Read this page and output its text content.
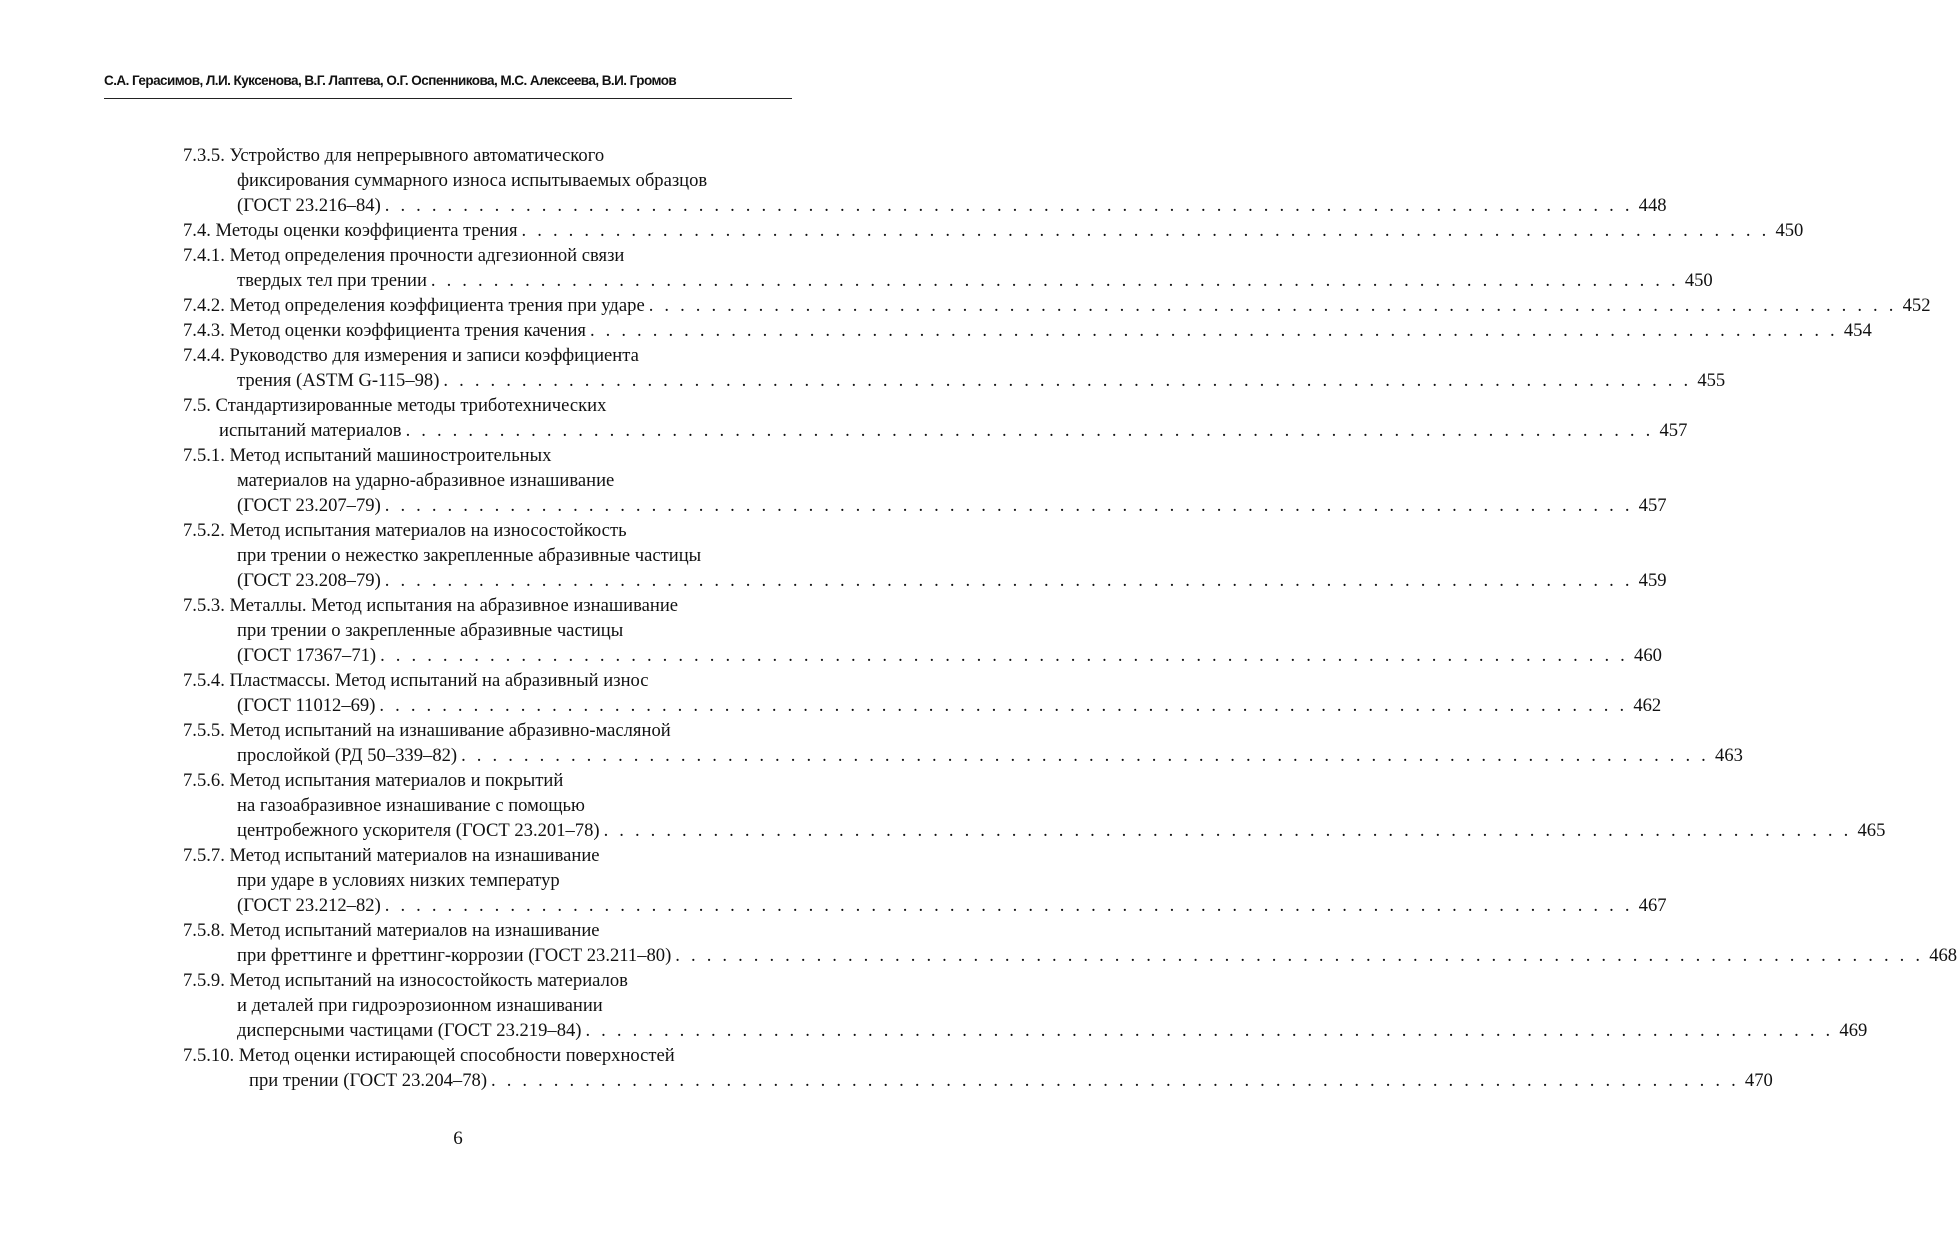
С.А. Герасимов, Л.И. Куксенова, В.Г. Лаптева, О.Г. Оспенникова, М.С. Алексеева, В.И. Громов
7.3.5. Устройство для непрерывного автоматического
фиксирования суммарного износа испытываемых образцов
(ГОСТ 23.216–84) . . . . . . . . . . . . . . . . . . . . . . . . . . . . . . . . . . . . . . . . . . . . . . . . . . . . . . . . . . . . . . . . . . . . . . . . . . . . . . . . 448
7.4. Методы оценки коэффициента трения . . . . . . . . . . . . . . . . . . . . . . . . . . . . . . . . . . . . . . . . . . . . . . . . . . . . . . . . . . . . . . . . . . . . . . . . . . . . . . . . 450
7.4.1. Метод определения прочности адгезионной связи
твердых тел при трении . . . . . . . . . . . . . . . . . . . . . . . . . . . . . . . . . . . . . . . . . . . . . . . . . . . . . . . . . . . . . . . . . . . . . . . . . . . . . . . . 450
7.4.2. Метод определения коэффициента трения при ударе . . . . . . . . . . . . . . . . . . . . . . . . . . . . . . . . . . . . . . . . . . . . . . . . . . . . . . . . . . . . . . . . . . . . . . . . . . . . . . . . 452
7.4.3. Метод оценки коэффициента трения качения . . . . . . . . . . . . . . . . . . . . . . . . . . . . . . . . . . . . . . . . . . . . . . . . . . . . . . . . . . . . . . . . . . . . . . . . . . . . . . . . 454
7.4.4. Руководство для измерения и записи коэффициента
трения (ASTM G-115–98) . . . . . . . . . . . . . . . . . . . . . . . . . . . . . . . . . . . . . . . . . . . . . . . . . . . . . . . . . . . . . . . . . . . . . . . . . . . . . . . . 455
7.5. Стандартизированные методы триботехнических
испытаний материалов . . . . . . . . . . . . . . . . . . . . . . . . . . . . . . . . . . . . . . . . . . . . . . . . . . . . . . . . . . . . . . . . . . . . . . . . . . . . . . . . 457
7.5.1. Метод испытаний машиностроительных
материалов на ударно-абразивное изнашивание
(ГОСТ 23.207–79) . . . . . . . . . . . . . . . . . . . . . . . . . . . . . . . . . . . . . . . . . . . . . . . . . . . . . . . . . . . . . . . . . . . . . . . . . . . . . . . . 457
7.5.2. Метод испытания материалов на износостойкость
при трении о нежестко закрепленные абразивные частицы
(ГОСТ 23.208–79) . . . . . . . . . . . . . . . . . . . . . . . . . . . . . . . . . . . . . . . . . . . . . . . . . . . . . . . . . . . . . . . . . . . . . . . . . . . . . . . . 459
7.5.3. Металлы. Метод испытания на абразивное изнашивание
при трении о закрепленные абразивные частицы
(ГОСТ 17367–71) . . . . . . . . . . . . . . . . . . . . . . . . . . . . . . . . . . . . . . . . . . . . . . . . . . . . . . . . . . . . . . . . . . . . . . . . . . . . . . . . 460
7.5.4. Пластмассы. Метод испытаний на абразивный износ
(ГОСТ 11012–69) . . . . . . . . . . . . . . . . . . . . . . . . . . . . . . . . . . . . . . . . . . . . . . . . . . . . . . . . . . . . . . . . . . . . . . . . . . . . . . . . 462
7.5.5. Метод испытаний на изнашивание абразивно-масляной
прослойкой (РД 50–339–82) . . . . . . . . . . . . . . . . . . . . . . . . . . . . . . . . . . . . . . . . . . . . . . . . . . . . . . . . . . . . . . . . . . . . . . . . . . . . . . . . 463
7.5.6. Метод испытания материалов и покрытий
на газоабразивное изнашивание с помощью
центробежного ускорителя (ГОСТ 23.201–78) . . . . . . . . . . . . . . . . . . . . . . . . . . . . . . . . . . . . . . . . . . . . . . . . . . . . . . . . . . . . . . . . . . . . . . . . . . . . . . . . 465
7.5.7. Метод испытаний материалов на изнашивание
при ударе в условиях низких температур
(ГОСТ 23.212–82) . . . . . . . . . . . . . . . . . . . . . . . . . . . . . . . . . . . . . . . . . . . . . . . . . . . . . . . . . . . . . . . . . . . . . . . . . . . . . . . . 467
7.5.8. Метод испытаний материалов на изнашивание
при фреттинге и фреттинг-коррозии (ГОСТ 23.211–80) . . . . . . . . . . . . . . . . . . . . . . . . . . . . . . . . . . . . . . . . . . . . . . . . . . . . . . . . . . . . . . . . . . . . . . . . . . . . . . . . 468
7.5.9. Метод испытаний на износостойкость материалов
и деталей при гидроэрозионном изнашивании
дисперсными частицами (ГОСТ 23.219–84) . . . . . . . . . . . . . . . . . . . . . . . . . . . . . . . . . . . . . . . . . . . . . . . . . . . . . . . . . . . . . . . . . . . . . . . . . . . . . . . . 469
7.5.10. Метод оценки истирающей способности поверхностей
при трении (ГОСТ 23.204–78) . . . . . . . . . . . . . . . . . . . . . . . . . . . . . . . . . . . . . . . . . . . . . . . . . . . . . . . . . . . . . . . . . . . . . . . . . . . . . . . . 470
6
